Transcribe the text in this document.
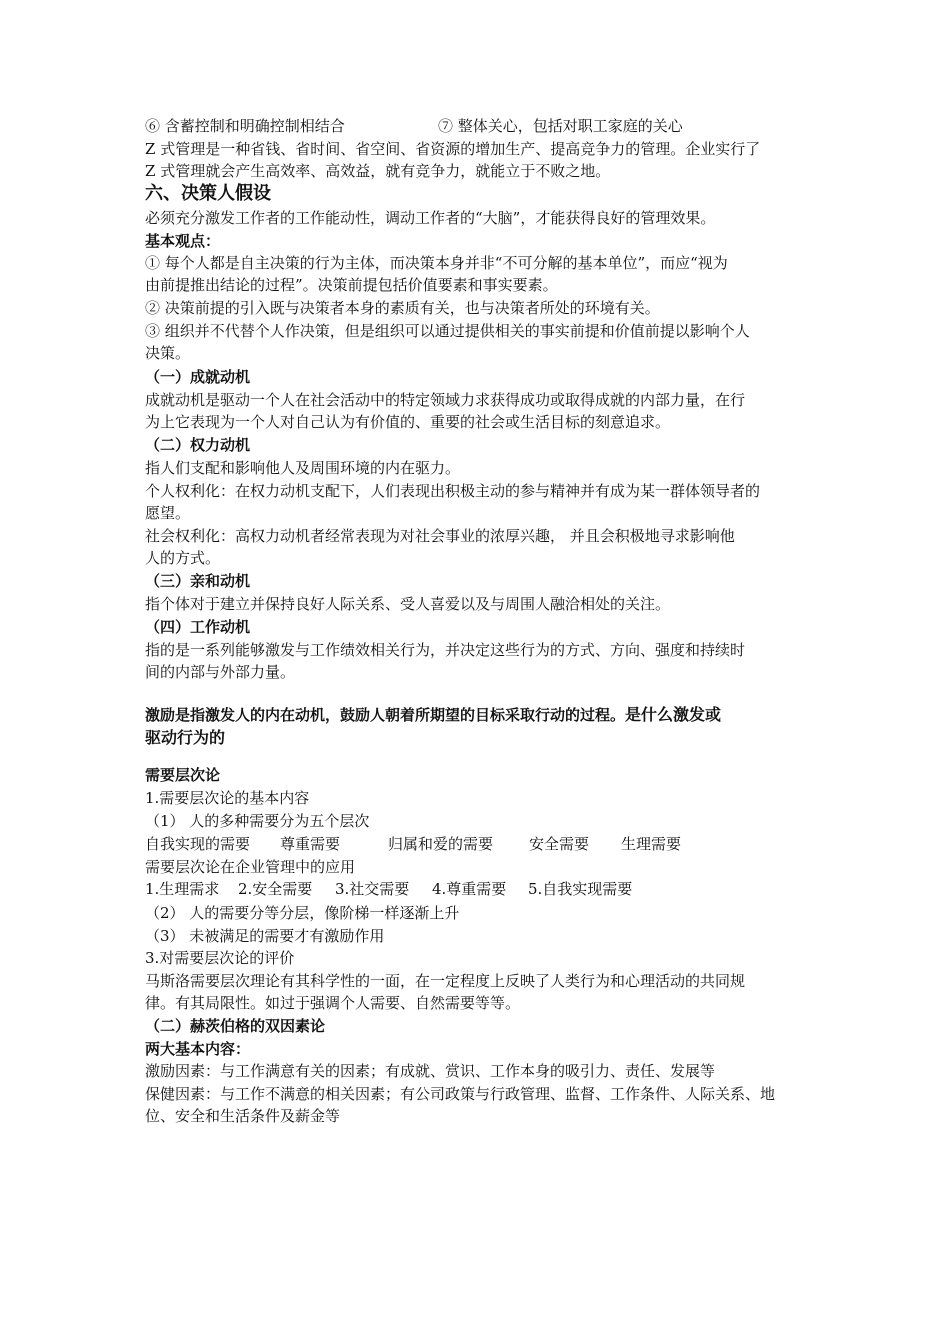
⑥ 含蓄控制和明确控制相结合	⑦ 整体关心，包括对职工家庭的关心
Z 式管理是一种省钱、省时间、省空间、省资源的增加生产、提高竞争力的管理。企业实行了
Z 式管理就会产生高效率、高效益，就有竞争力，就能立于不败之地。
六、决策人假设
必须充分激发工作者的工作能动性，调动工作者的“大脑”，才能获得良好的管理效果。
基本观点：
① 每个人都是自主决策的行为主体，而决策本身并非“不可分解的基本单位”，而应“视为
由前提推出结论的过程”。决策前提包括价值要素和事实要素。
② 决策前提的引入既与决策者本身的素质有关，也与决策者所处的环境有关。
③ 组织并不代替个人作决策，但是组织可以通过提供相关的事实前提和价值前提以影响个人
决策。
（一）成就动机
成就动机是驱动一个人在社会活动中的特定领域力求获得成功或取得成就的内部力量，在行
为上它表现为一个人对自己认为有价值的、重要的社会或生活目标的刻意追求。
（二）权力动机
指人们支配和影响他人及周围环境的内在驱力。
个人权利化：在权力动机支配下，人们表现出积极主动的参与精神并有成为某一群体领导者的
愿望。
社会权利化：高权力动机者经常表现为对社会事业的浓厚兴趣， 并且会积极地寻求影响他
人的方式。
（三）亲和动机
指个体对于建立并保持良好人际关系、受人喜爱以及与周围人融洽相处的关注。
（四）工作动机
指的是一系列能够激发与工作绩效相关行为，并决定这些行为的方式、方向、强度和持续时
间的内部与外部力量。
激励是指激发人的内在动机，鼓励人朝着所期望的目标采取行动的过程。是什么激发或
驱动行为的
需要层次论
1.需要层次论的基本内容
（1） 人的多种需要分为五个层次
自我实现的需要 尊重需要	归属和爱的需要 安全需要 生理需要
需要层次论在企业管理中的应用
1.生理需求 2.安全需要 3.社交需要 4.尊重需要 5.自我实现需要
（2） 人的需要分等分层，像阶梯一样逐渐上升
（3） 未被满足的需要才有激励作用
3.对需要层次论的评价
马斯洛需要层次理论有其科学性的一面，在一定程度上反映了人类行为和心理活动的共同规
律。有其局限性。如过于强调个人需要、自然需要等等。
（二）赫茨伯格的双因素论
两大基本内容：
激励因素：与工作满意有关的因素；有成就、赏识、工作本身的吸引力、责任、发展等
保健因素：与工作不满意的相关因素；有公司政策与行政管理、监督、工作条件、人际关系、地
位、安全和生活条件及薪金等
